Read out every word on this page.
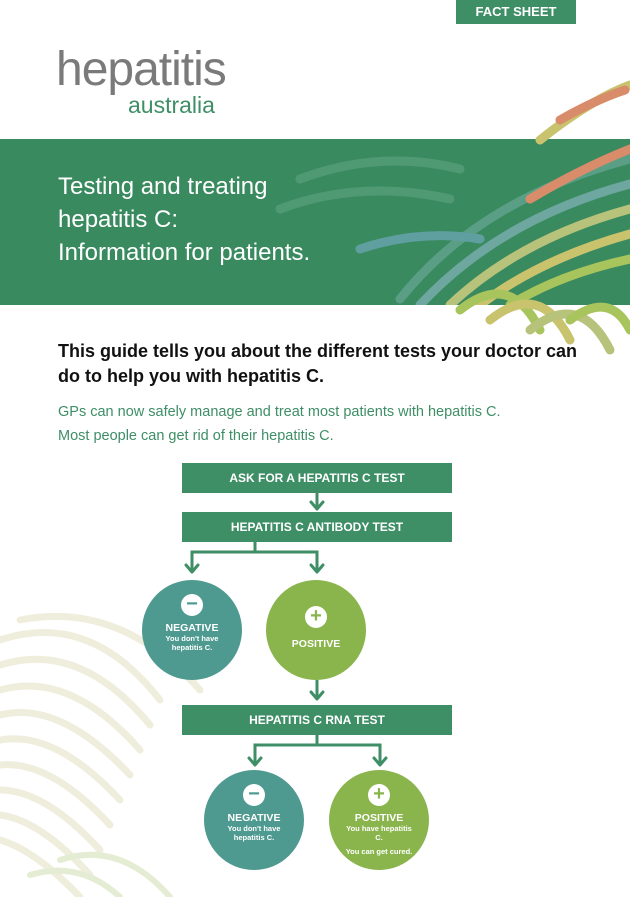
FACT SHEET
hepatitis
australia
Testing and treating
hepatitis C:
Information for patients.
This guide tells you about the different tests your doctor can do to help you with hepatitis C.
GPs can now safely manage and treat most patients with hepatitis C.
Most people can get rid of their hepatitis C.
ASK FOR A HEPATITIS C TEST
HEPATITIS C ANTIBODY TEST
−
NEGATIVE
You don't have hepatitis C.
+
POSITIVE
HEPATITIS C RNA TEST
−
NEGATIVE
You don't have hepatitis C.
+
POSITIVE
You have hepatitis C.
You can get cured.
